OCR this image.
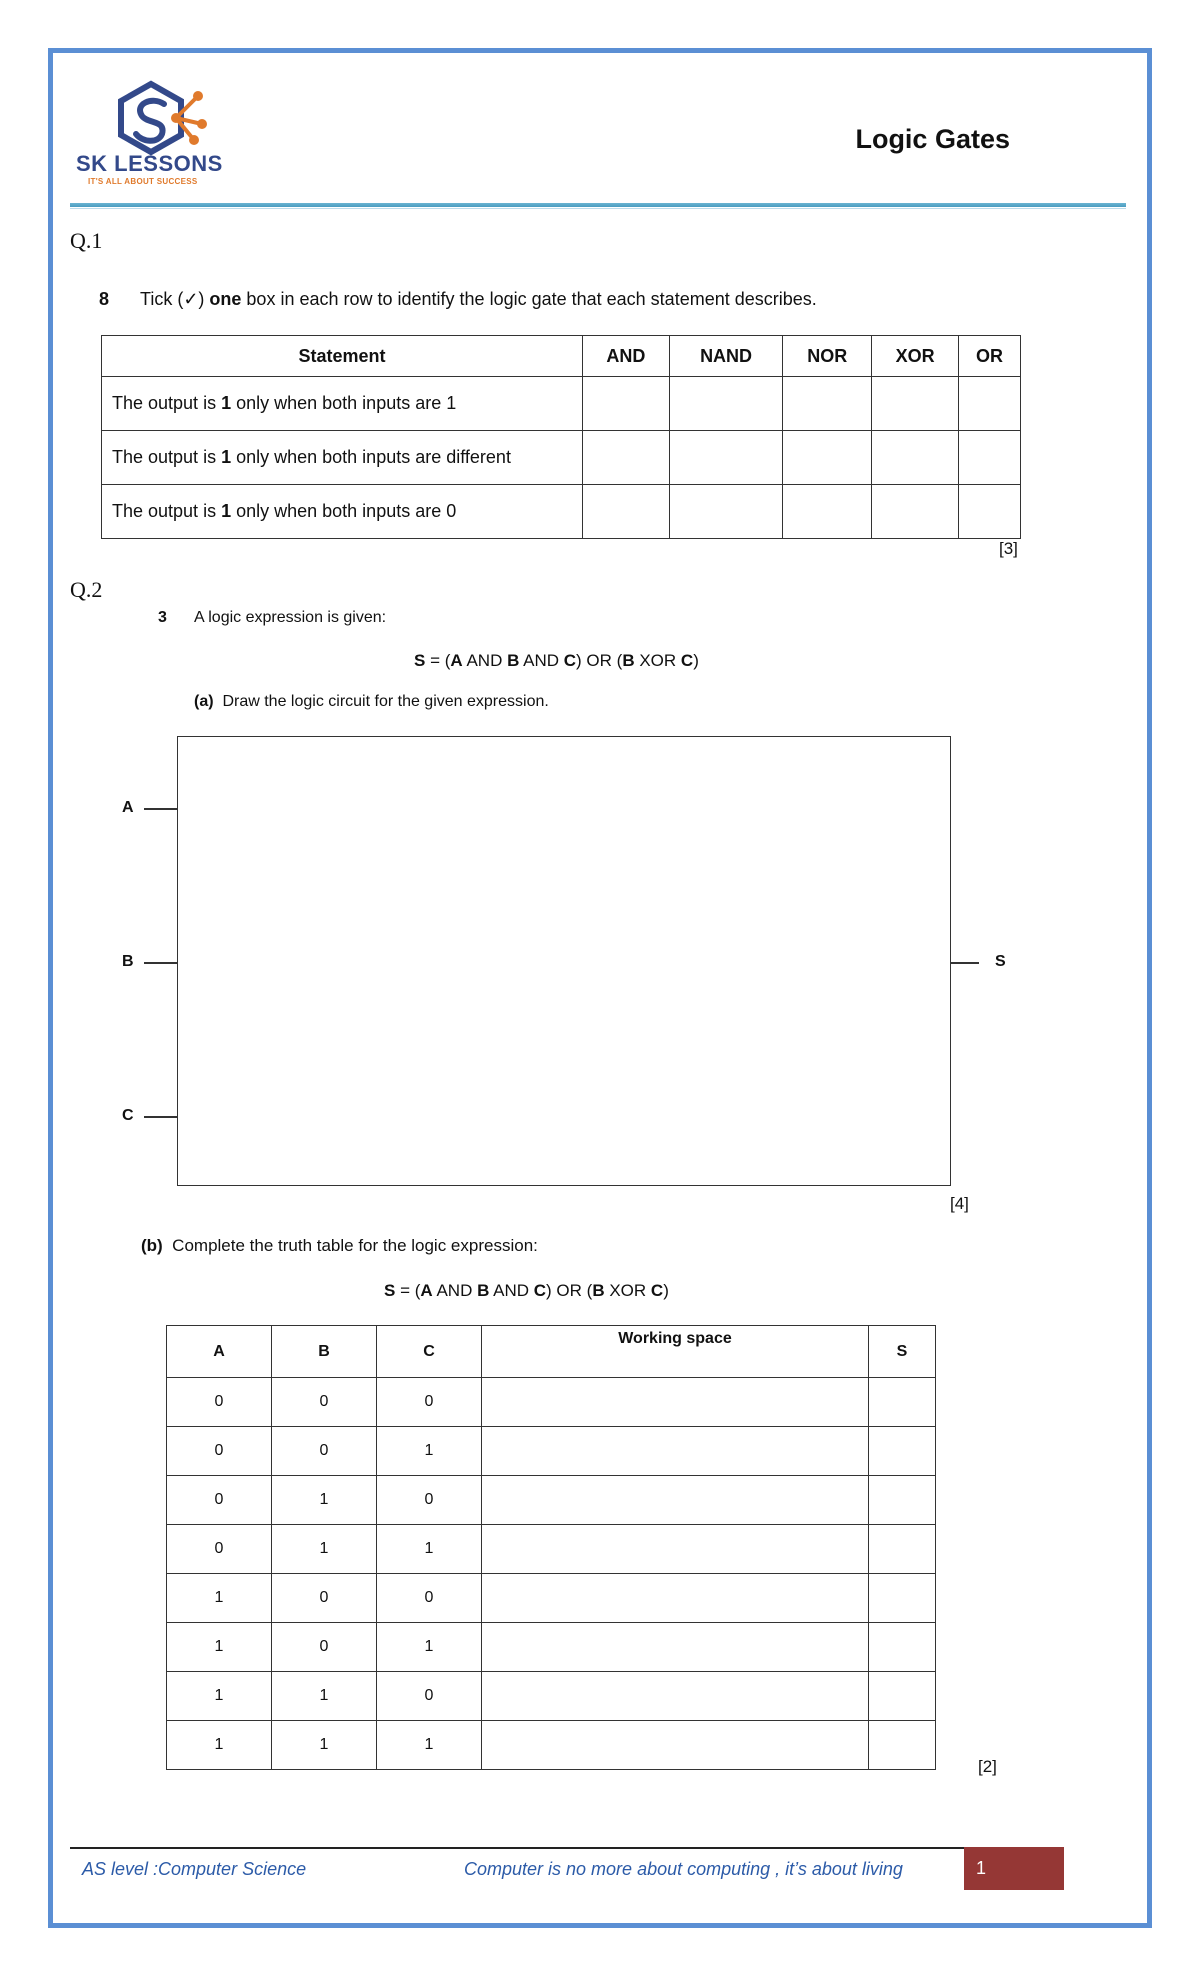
SK LESSONS
IT'S ALL ABOUT SUCCESS
Logic Gates
Q.1
8 Tick (✓) one box in each row to identify the logic gate that each statement describes.
Statement	AND	NAND	NOR	XOR	OR
The output is 1 only when both inputs are 1					
The output is 1 only when both inputs are different					
The output is 1 only when both inputs are 0					
[3]
Q.2
3 A logic expression is given:
S = (A AND B AND C) OR (B XOR C)
(a) Draw the logic circuit for the given expression.
A
B
C
S
[4]
(b) Complete the truth table for the logic expression:
S = (A AND B AND C) OR (B XOR C)
A	B	C	Working space	S
0	0	0		
0	0	1		
0	1	0		
0	1	1		
1	0	0		
1	0	1		
1	1	0		
1	1	1		
[2]
AS level :Computer Science	Computer is no more about computing , it’s about living	1
